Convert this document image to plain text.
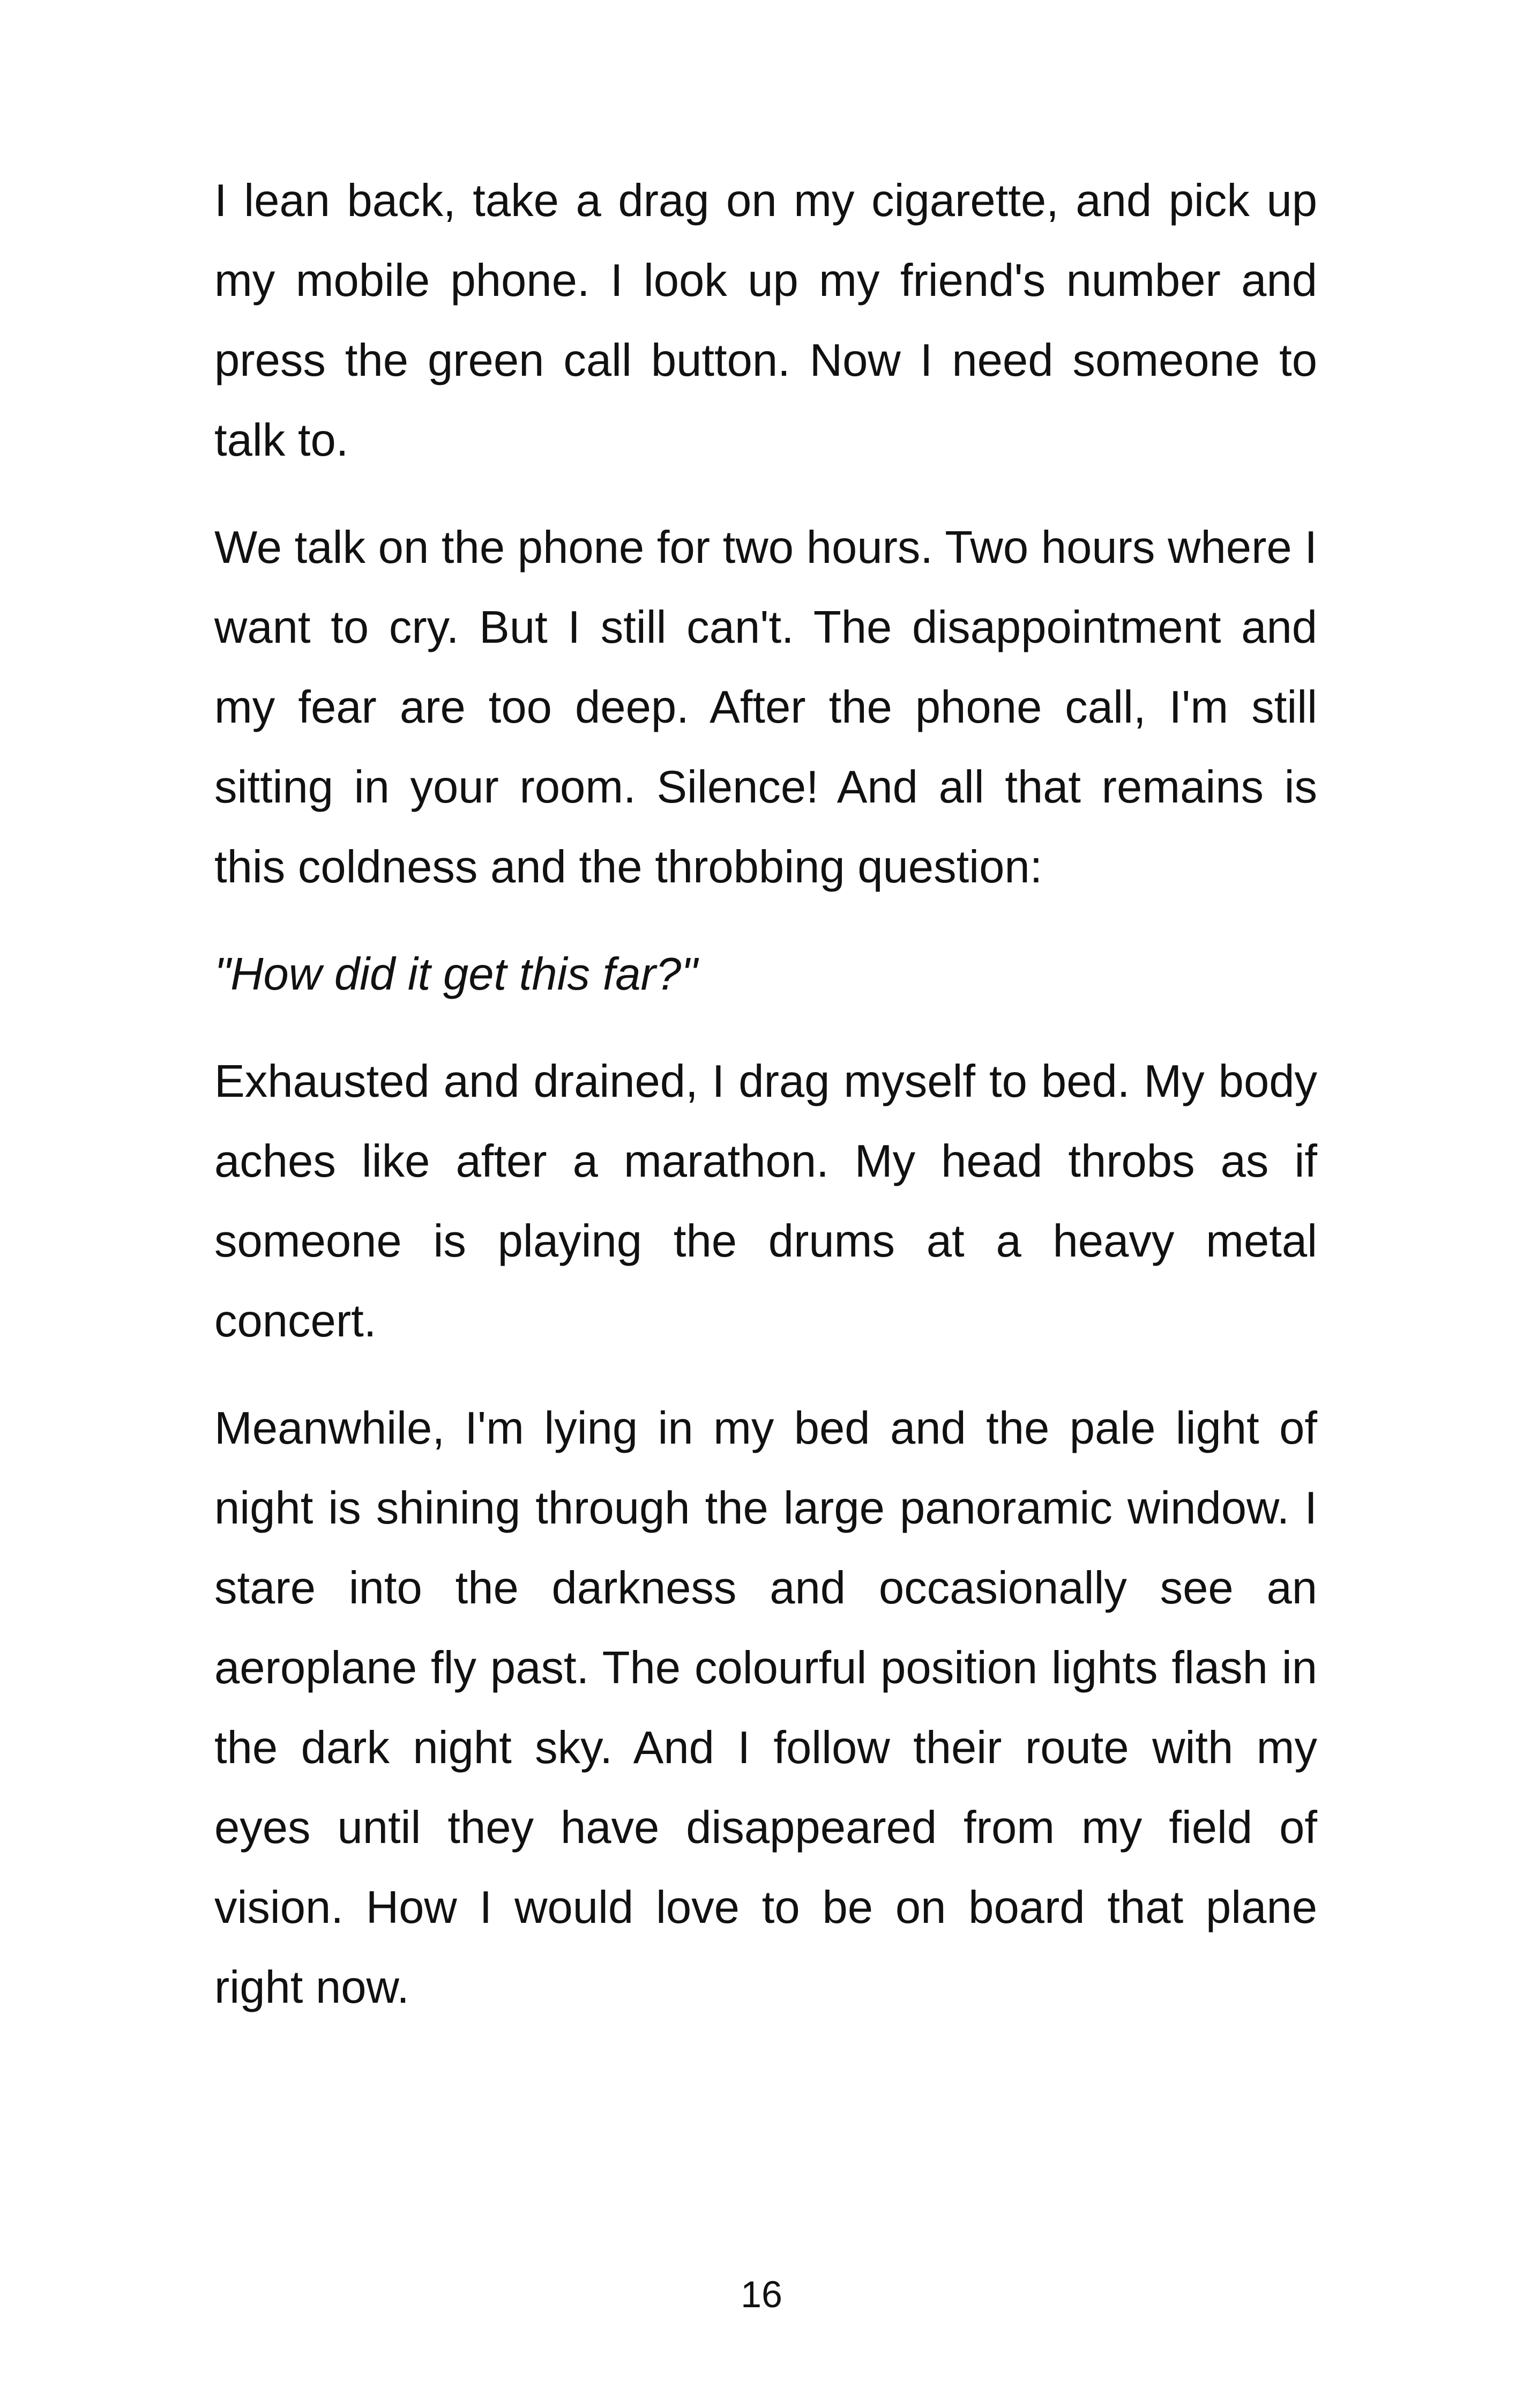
I lean back, take a drag on my cigarette, and pick up my mobile phone. I look up my friend's number and press the green call button. Now I need someone to talk to.

We talk on the phone for two hours. Two hours where I want to cry. But I still can't. The disappointment and my fear are too deep. After the phone call, I'm still sitting in your room. Silence! And all that remains is this coldness and the throbbing question:

"How did it get this far?"

Exhausted and drained, I drag myself to bed. My body aches like after a marathon. My head throbs as if someone is playing the drums at a heavy metal concert.

Meanwhile, I'm lying in my bed and the pale light of night is shining through the large panoramic window. I stare into the darkness and occasionally see an aeroplane fly past. The colourful position lights flash in the dark night sky. And I follow their route with my eyes until they have disappeared from my field of vision. How I would love to be on board that plane right now.

16
